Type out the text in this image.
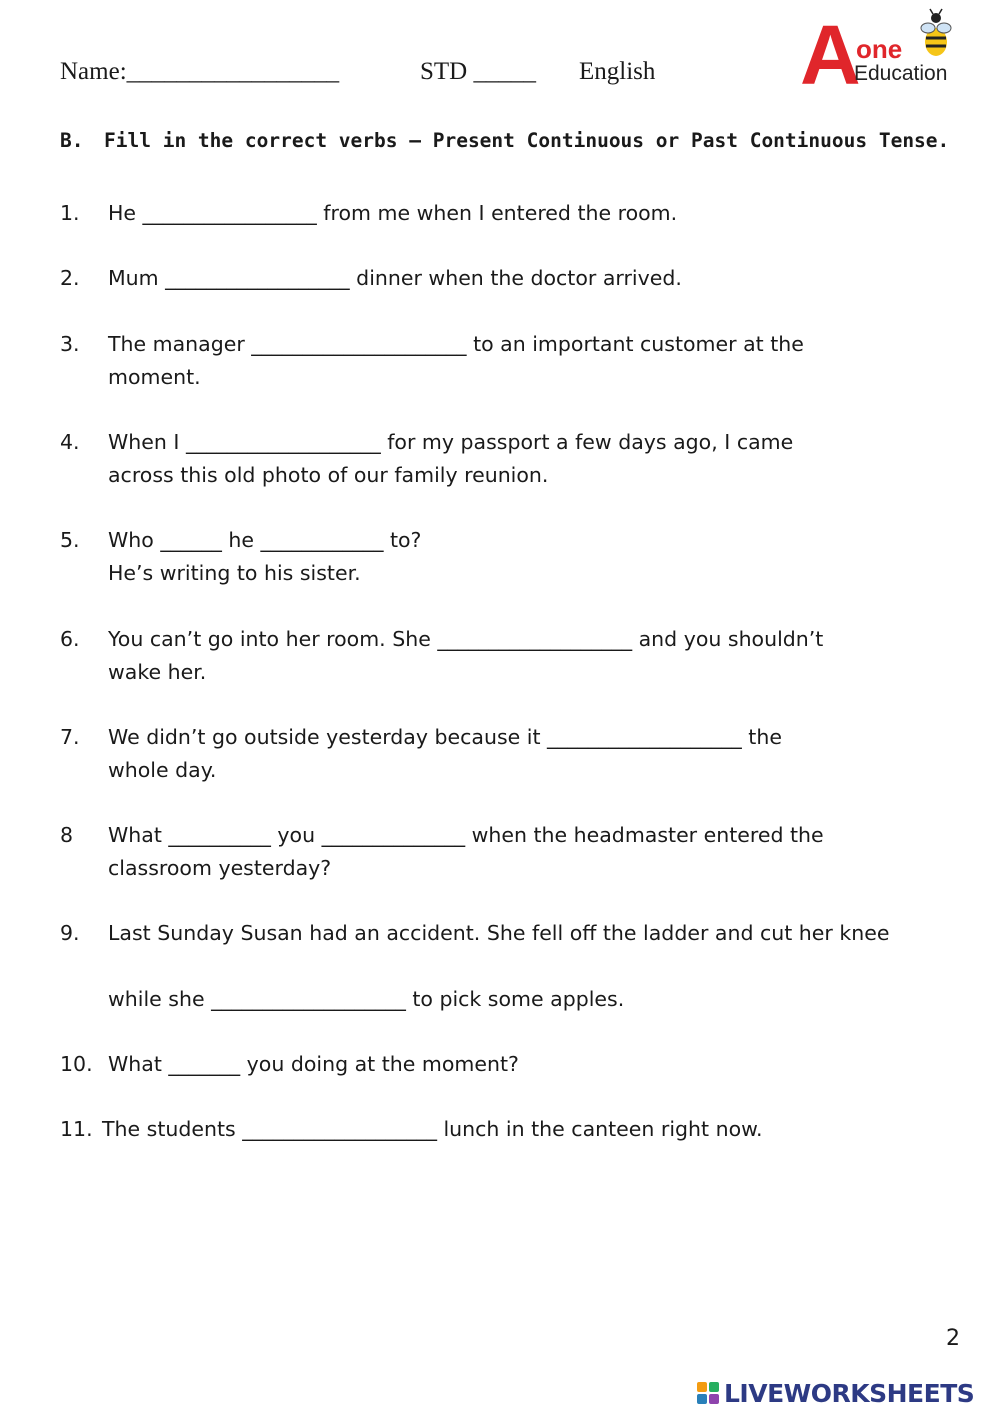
Name:_________________	STD _____ English A
one
Education
B. Fill in the correct verbs – Present Continuous or Past Continuous Tense.
1. He _________________ from me when I entered the room.
2. Mum __________________ dinner when the doctor arrived.
3. The manager _____________________ to an important customer at the
moment.
4. When I ___________________ for my passport a few days ago, I came
across this old photo of our family reunion.
5. Who ______ he ____________ to?
He’s writing to his sister.
6. You can’t go into her room. She ___________________ and you shouldn’t
wake her.
7. We didn’t go outside yesterday because it ___________________ the
whole day.
8 What __________ you ______________ when the headmaster entered the
classroom yesterday?
9. Last Sunday Susan had an accident. She fell off the ladder and cut her knee

while she ___________________ to pick some apples.
10. What _______ you doing at the moment?
11. The students ___________________ lunch in the canteen right now.
2
LIVEWORKSHEETS
